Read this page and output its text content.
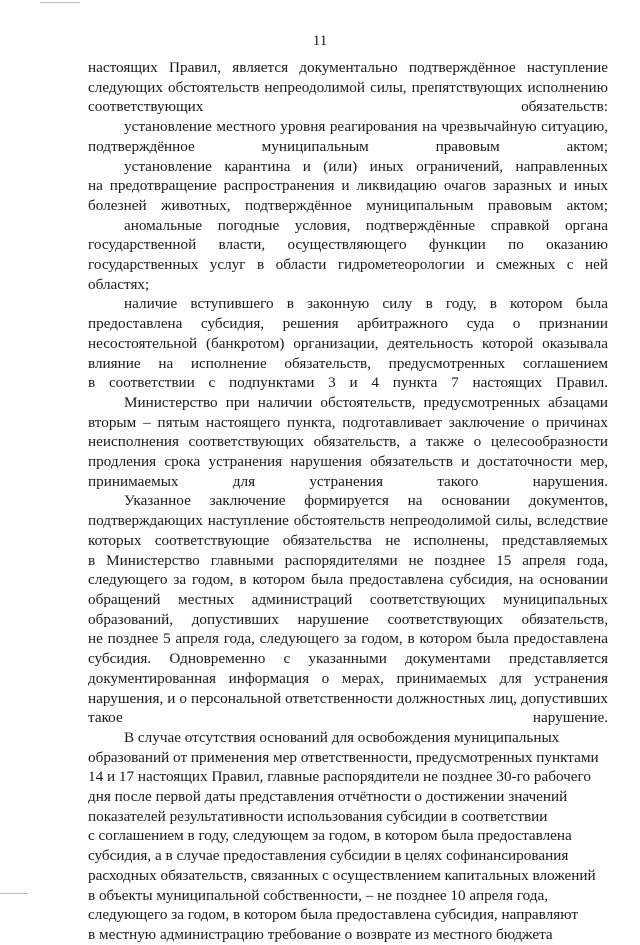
11

настоящих Правил, является документально подтверждённое наступление
следующих обстоятельств непреодолимой силы, препятствующих исполнению
соответствующих обязательств:

установление местного уровня реагирования на чрезвычайную ситуацию,
подтверждённое муниципальным правовым актом;

установление карантина и (или) иных ограничений, направленных
на предотвращение распространения и ликвидацию очагов заразных и иных
болезней животных, подтверждённое муниципальным правовым актом;

аномальные погодные условия, подтверждённые справкой органа
государственной власти, осуществляющего функции по оказанию
государственных услуг в области гидрометеорологии и смежных с ней
областях;

наличие вступившего в законную силу в году, в котором была
предоставлена субсидия, решения арбитражного суда о признании
несостоятельной (банкротом) организации, деятельность которой оказывала
влияние на исполнение обязательств, предусмотренных соглашением
в соответствии с подпунктами 3 и 4 пункта 7 настоящих Правил.

Министерство при наличии обстоятельств, предусмотренных абзацами
вторым – пятым настоящего пункта, подготавливает заключение о причинах
неисполнения соответствующих обязательств, а также о целесообразности
продления срока устранения нарушения обязательств и достаточности мер,
принимаемых для устранения такого нарушения.

Указанное заключение формируется на основании документов,
подтверждающих наступление обстоятельств непреодолимой силы, вследствие
которых соответствующие обязательства не исполнены, представляемых
в Министерство главными распорядителями не позднее 15 апреля года,
следующего за годом, в котором была предоставлена субсидия, на основании
обращений местных администраций соответствующих муниципальных
образований, допустивших нарушение соответствующих обязательств,
не позднее 5 апреля года, следующего за годом, в котором была предоставлена
субсидия. Одновременно с указанными документами представляется
документированная информация о мерах, принимаемых для устранения
нарушения, и о персональной ответственности должностных лиц, допустивших
такое нарушение.

В случае отсутствия оснований для освобождения муниципальных
образований от применения мер ответственности, предусмотренных пунктами
14 и 17 настоящих Правил, главные распорядители не позднее 30-го рабочего
дня после первой даты представления отчётности о достижении значений
показателей результативности использования субсидии в соответствии
с соглашением в году, следующем за годом, в котором была предоставлена
субсидия, а в случае предоставления субсидии в целях софинансирования
расходных обязательств, связанных с осуществлением капитальных вложений
в объекты муниципальной собственности, – не позднее 10 апреля года,
следующего за годом, в котором была предоставлена субсидия, направляют
в местную администрацию требование о возврате из местного бюджета
